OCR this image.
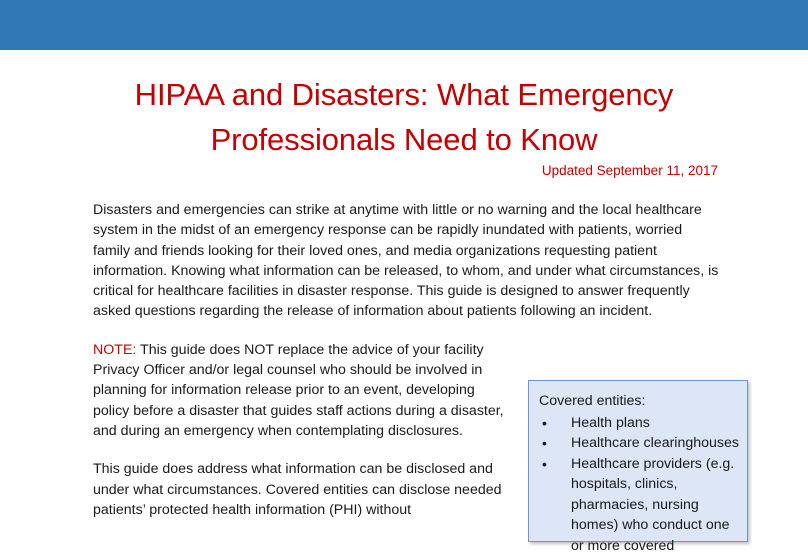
HIPAA and Disasters: What Emergency
Professionals Need to Know
Updated September 11, 2017

Disasters and emergencies can strike at anytime with little or no warning and the local healthcare system in the midst of an emergency response can be rapidly inundated with patients, worried family and friends looking for their loved ones, and media organizations requesting patient information. Knowing what information can be released, to whom, and under what circumstances, is critical for healthcare facilities in disaster response. This guide is designed to answer frequently asked questions regarding the release of information about patients following an incident.

NOTE: This guide does NOT replace the advice of your facility Privacy Officer and/or legal counsel who should be involved in planning for information release prior to an event, developing policy before a disaster that guides staff actions during a disaster, and during an emergency when contemplating disclosures.

This guide does address what information can be disclosed and under what circumstances. Covered entities can disclose needed patients’ protected health information (PHI) without

Covered entities:
• Health plans
• Healthcare clearinghouses
• Healthcare providers (e.g. hospitals, clinics, pharmacies, nursing homes) who conduct one or more covered
